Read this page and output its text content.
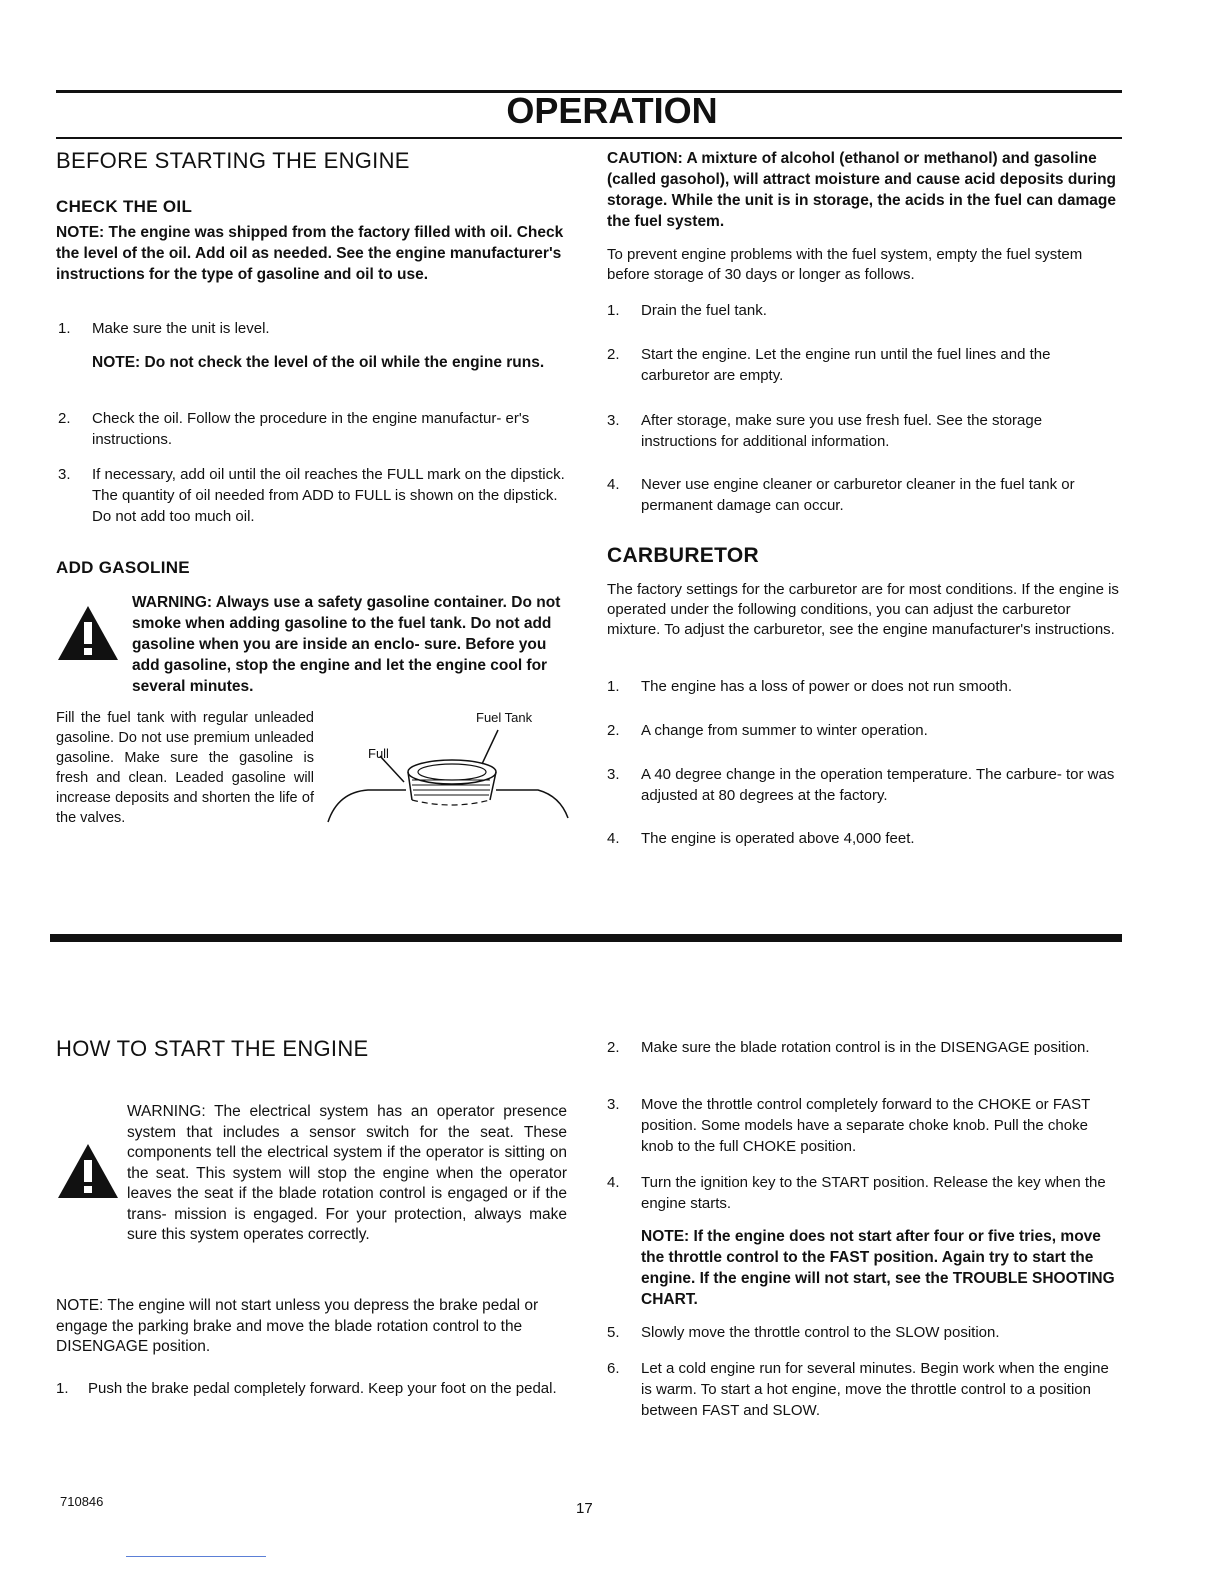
OPERATION
BEFORE STARTING THE ENGINE
CHECK THE OIL
NOTE: The engine was shipped from the factory filled with oil. Check the level of the oil. Add oil as needed. See the engine manufacturer's instructions for the type of gasoline and oil to use.
1. Make sure the unit is level.
NOTE: Do not check the level of the oil while the engine runs.
2. Check the oil. Follow the procedure in the engine manufactur- er's instructions.
3. If necessary, add oil until the oil reaches the FULL mark on the dipstick. The quantity of oil needed from ADD to FULL is shown on the dipstick. Do not add too much oil.
ADD GASOLINE
WARNING: Always use a safety gasoline container. Do not smoke when adding gasoline to the fuel tank. Do not add gasoline when you are inside an enclo- sure. Before you add gasoline, stop the engine and let the engine cool for several minutes.
Fill the fuel tank with regular unleaded gasoline. Do not use premium unleaded gasoline. Make sure the gasoline is fresh and clean. Leaded gasoline will increase deposits and shorten the life of the valves.
Fuel Tank
Full
CAUTION: A mixture of alcohol (ethanol or methanol) and gasoline (called gasohol), will attract moisture and cause acid deposits during storage. While the unit is in storage, the acids in the fuel can damage the fuel system.
To prevent engine problems with the fuel system, empty the fuel system before storage of 30 days or longer as follows.
1. Drain the fuel tank.
2. Start the engine. Let the engine run until the fuel lines and the carburetor are empty.
3. After storage, make sure you use fresh fuel. See the storage instructions for additional information.
4. Never use engine cleaner or carburetor cleaner in the fuel tank or permanent damage can occur.
CARBURETOR
The factory settings for the carburetor are for most conditions. If the engine is operated under the following conditions, you can adjust the carburetor mixture. To adjust the carburetor, see the engine manufacturer's instructions.
1. The engine has a loss of power or does not run smooth.
2. A change from summer to winter operation.
3. A 40 degree change in the operation temperature. The carbure- tor was adjusted at 80 degrees at the factory.
4. The engine is operated above 4,000 feet.
HOW TO START THE ENGINE
WARNING: The electrical system has an operator presence system that includes a sensor switch for the seat. These components tell the electrical system if the operator is sitting on the seat. This system will stop the engine when the operator leaves the seat if the blade rotation control is engaged or if the trans- mission is engaged. For your protection, always make sure this system operates correctly.
NOTE: The engine will not start unless you depress the brake pedal or engage the parking brake and move the blade rotation control to the DISENGAGE position.
1. Push the brake pedal completely forward. Keep your foot on the pedal.
2. Make sure the blade rotation control is in the DISENGAGE position.
3. Move the throttle control completely forward to the CHOKE or FAST position. Some models have a separate choke knob. Pull the choke knob to the full CHOKE position.
4. Turn the ignition key to the START position. Release the key when the engine starts.
NOTE: If the engine does not start after four or five tries, move the throttle control to the FAST position. Again try to start the engine. If the engine will not start, see the TROUBLE SHOOTING CHART.
5. Slowly move the throttle control to the SLOW position.
6. Let a cold engine run for several minutes. Begin work when the engine is warm. To start a hot engine, move the throttle control to a position between FAST and SLOW.
710846	17
